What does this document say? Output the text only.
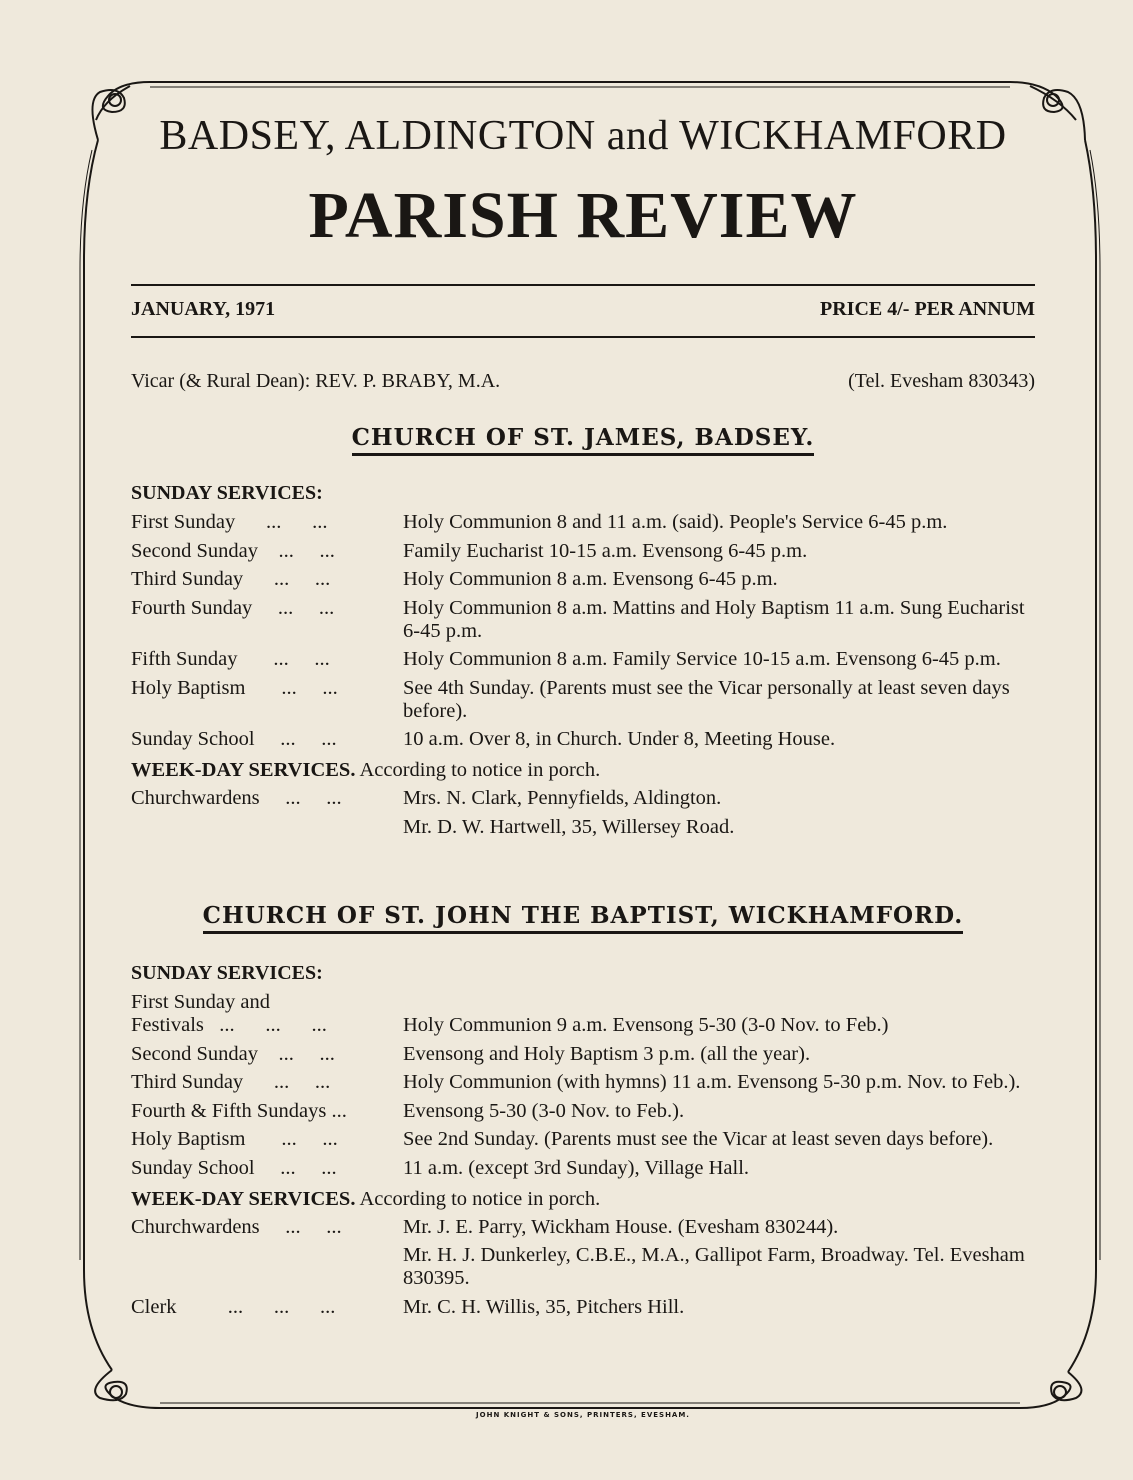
BADSEY, ALDINGTON and WICKHAMFORD
PARISH REVIEW
JANUARY, 1971	PRICE 4/- PER ANNUM
Vicar (& Rural Dean): REV. P. BRABY, M.A.	(Tel. Evesham 830343)
CHURCH OF ST. JAMES, BADSEY.
SUNDAY SERVICES:
First Sunday      ...      ...	Holy Communion 8 and 11 a.m. (said). People's Service 6-45 p.m.
Second Sunday    ...     ...	Family Eucharist 10-15 a.m. Evensong 6-45 p.m.
Third Sunday      ...     ...	Holy Communion 8 a.m. Evensong 6-45 p.m.
Fourth Sunday     ...     ...	Holy Communion 8 a.m. Mattins and Holy Baptism 11 a.m. Sung Eucharist 6-45 p.m.
Fifth Sunday       ...     ...	Holy Communion 8 a.m. Family Service 10-15 a.m. Evensong 6-45 p.m.
Holy Baptism       ...     ...	See 4th Sunday. (Parents must see the Vicar personally at least seven days before).
Sunday School     ...     ...	10 a.m. Over 8, in Church. Under 8, Meeting House.
WEEK-DAY SERVICES. According to notice in porch.
Churchwardens     ...     ...	Mrs. N. Clark, Pennyfields, Aldington.
Mr. D. W. Hartwell, 35, Willersey Road.
CHURCH OF ST. JOHN THE BAPTIST, WICKHAMFORD.
SUNDAY SERVICES:
First Sunday and
Festivals   ...      ...      ...	Holy Communion 9 a.m. Evensong 5-30 (3-0 Nov. to Feb.)
Second Sunday    ...     ...	Evensong and Holy Baptism 3 p.m. (all the year).
Third Sunday      ...     ...	Holy Communion (with hymns) 11 a.m. Evensong 5-30 p.m. Nov. to Feb.).
Fourth & Fifth Sundays ...	Evensong 5-30 (3-0 Nov. to Feb.).
Holy Baptism       ...     ...	See 2nd Sunday. (Parents must see the Vicar at least seven days before).
Sunday School     ...     ...	11 a.m. (except 3rd Sunday), Village Hall.
WEEK-DAY SERVICES. According to notice in porch.
Churchwardens     ...     ...	Mr. J. E. Parry, Wickham House. (Evesham 830244).
Mr. H. J. Dunkerley, C.B.E., M.A., Gallipot Farm, Broadway. Tel. Evesham 830395.
Clerk          ...      ...      ...	Mr. C. H. Willis, 35, Pitchers Hill.
JOHN KNIGHT & SONS, PRINTERS, EVESHAM.
